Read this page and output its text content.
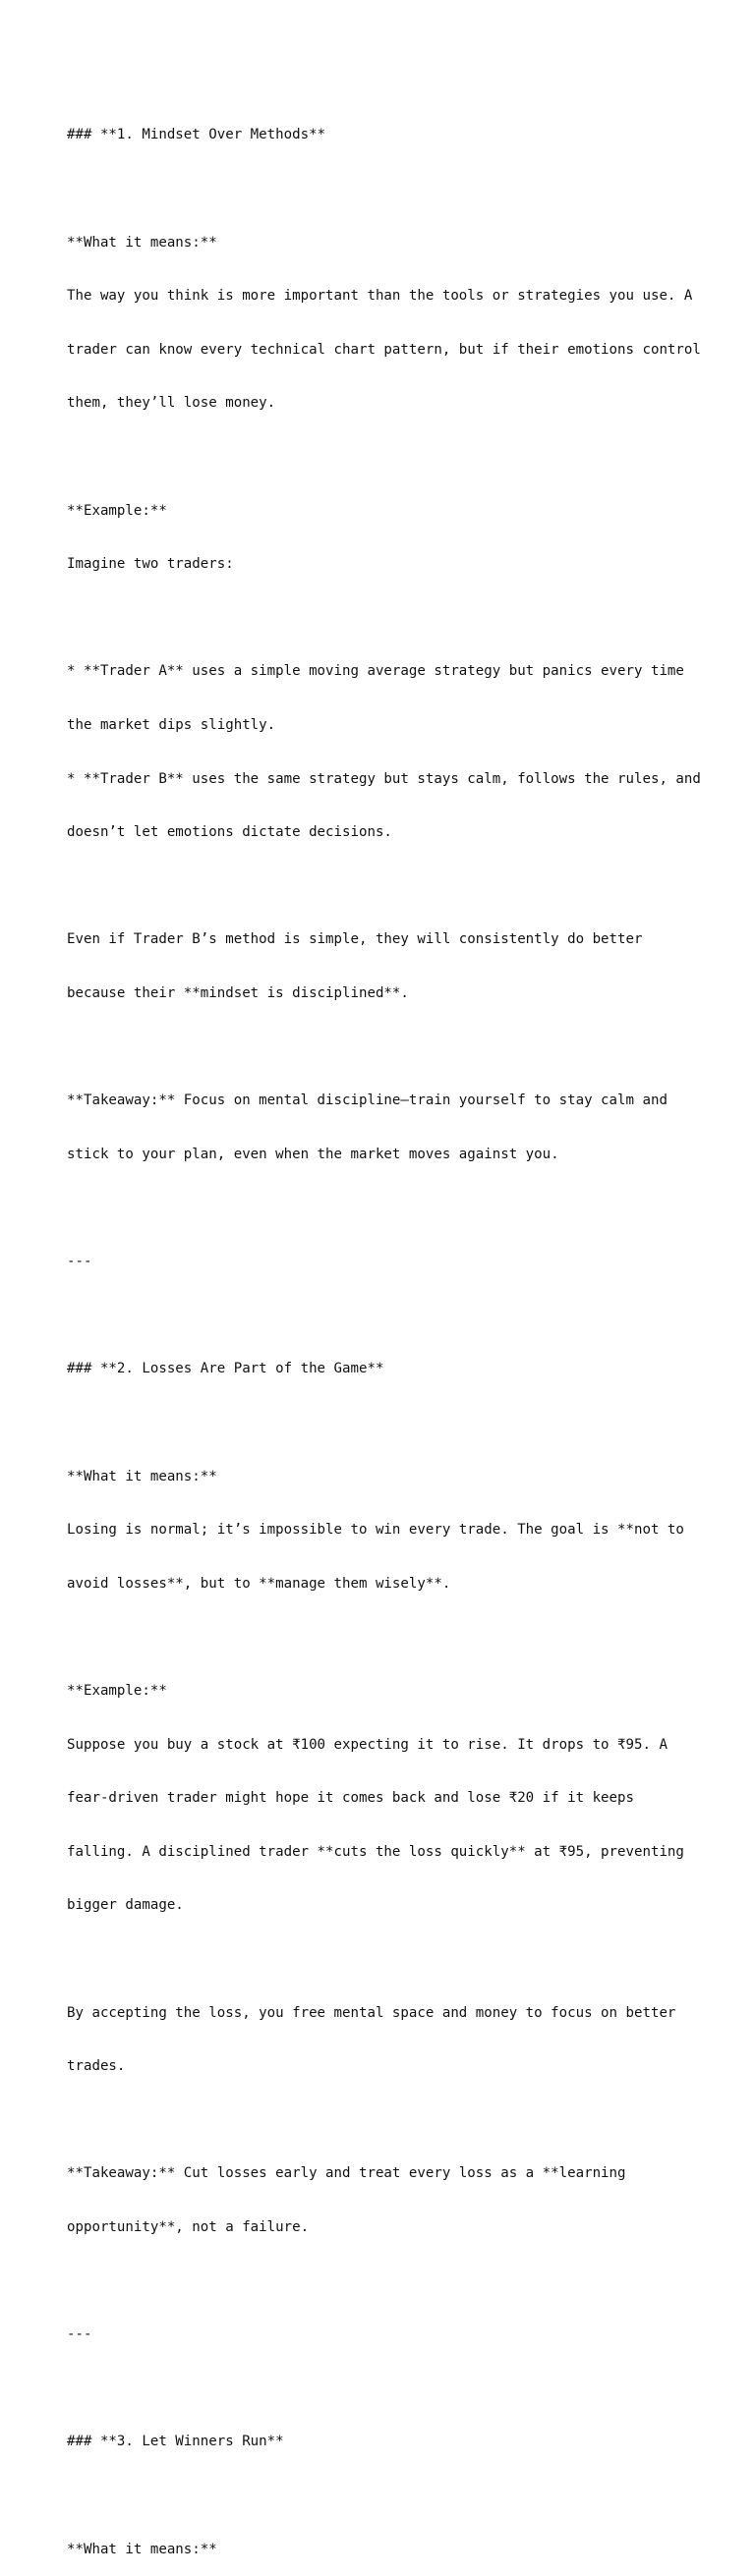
### **1. Mindset Over Methods**

**What it means:**

The way you think is more important than the tools or strategies you use. A

trader can know every technical chart pattern, but if their emotions control

them, they’ll lose money.

**Example:**

Imagine two traders:

* **Trader A** uses a simple moving average strategy but panics every time

the market dips slightly.

* **Trader B** uses the same strategy but stays calm, follows the rules, and

doesn’t let emotions dictate decisions.

Even if Trader B’s method is simple, they will consistently do better

because their **mindset is disciplined**.

**Takeaway:** Focus on mental discipline—train yourself to stay calm and

stick to your plan, even when the market moves against you.

---

### **2. Losses Are Part of the Game**

**What it means:**

Losing is normal; it’s impossible to win every trade. The goal is **not to

avoid losses**, but to **manage them wisely**.

**Example:**

Suppose you buy a stock at ₹100 expecting it to rise. It drops to ₹95. A

fear-driven trader might hope it comes back and lose ₹20 if it keeps

falling. A disciplined trader **cuts the loss quickly** at ₹95, preventing

bigger damage.

By accepting the loss, you free mental space and money to focus on better

trades.

**Takeaway:** Cut losses early and treat every loss as a **learning

opportunity**, not a failure.

---

### **3. Let Winners Run**

**What it means:**
